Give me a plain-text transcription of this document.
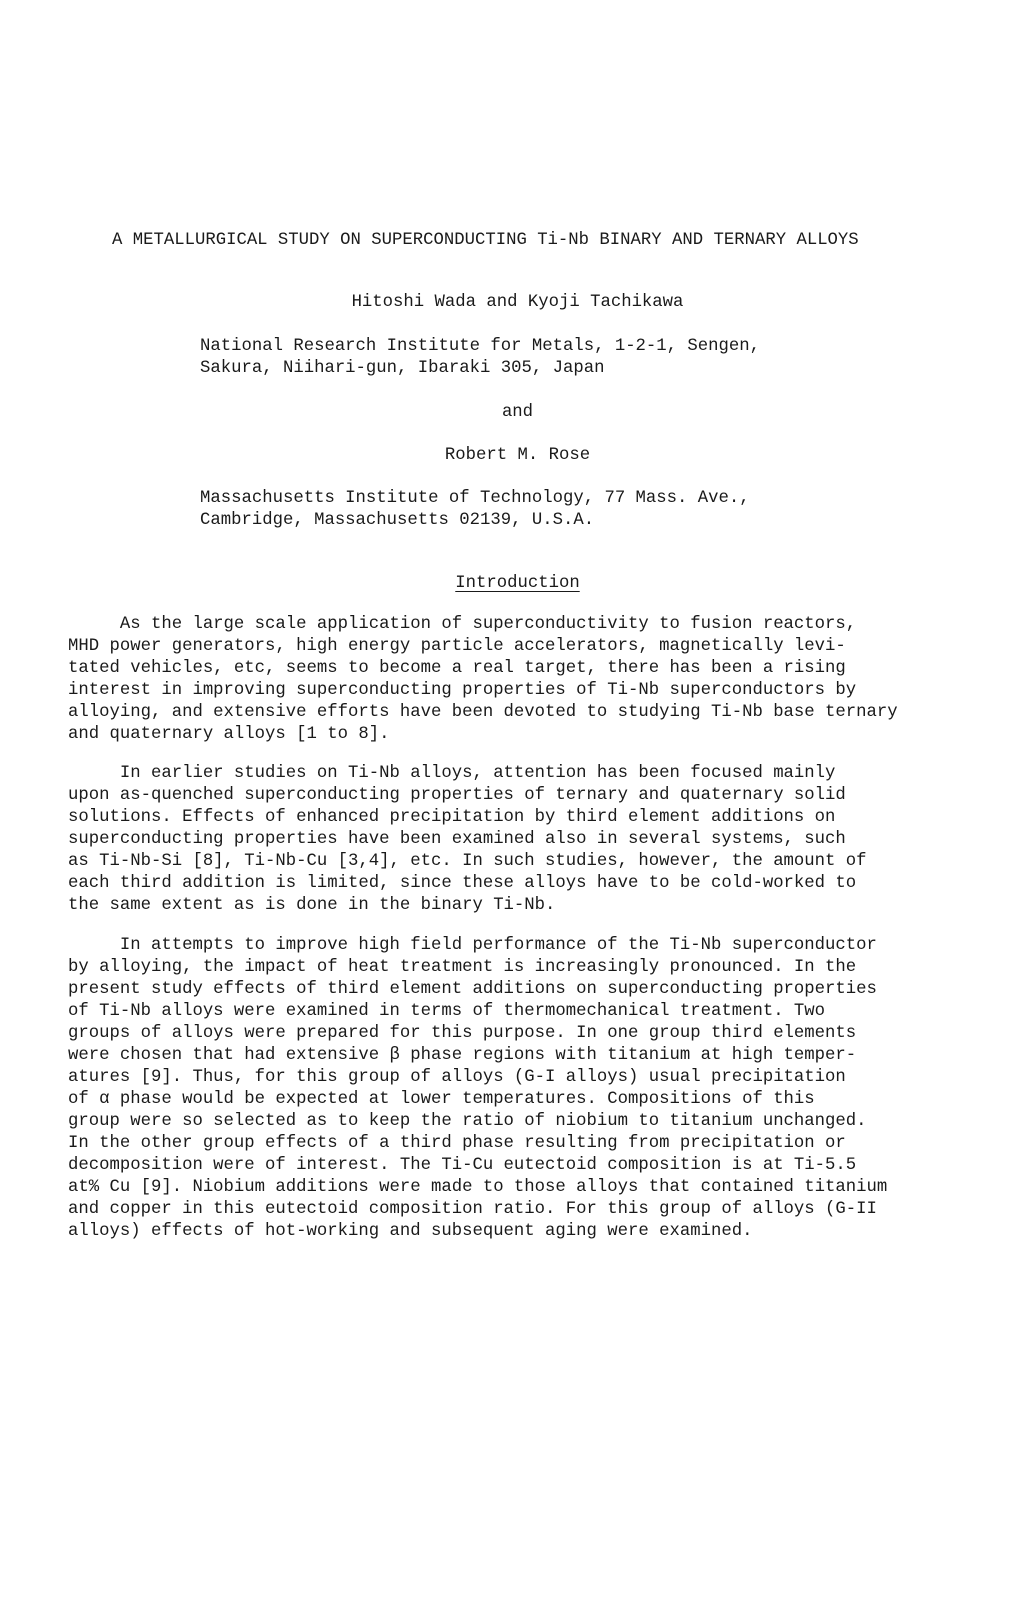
A METALLURGICAL STUDY ON SUPERCONDUCTING Ti-Nb BINARY AND TERNARY ALLOYS
Hitoshi Wada and Kyoji Tachikawa
National Research Institute for Metals, 1-2-1, Sengen,
Sakura, Niihari-gun, Ibaraki 305, Japan
and
Robert M. Rose
Massachusetts Institute of Technology, 77 Mass. Ave.,
Cambridge, Massachusetts 02139, U.S.A.
Introduction
As the large scale application of superconductivity to fusion reactors,
MHD power generators, high energy particle accelerators, magnetically levi-
tated vehicles, etc, seems to become a real target, there has been a rising
interest in improving superconducting properties of Ti-Nb superconductors by
alloying, and extensive efforts have been devoted to studying Ti-Nb base ternary
and quaternary alloys [1 to 8].
In earlier studies on Ti-Nb alloys, attention has been focused mainly
upon as-quenched superconducting properties of ternary and quaternary solid
solutions. Effects of enhanced precipitation by third element additions on
superconducting properties have been examined also in several systems, such
as Ti-Nb-Si [8], Ti-Nb-Cu [3,4], etc. In such studies, however, the amount of
each third addition is limited, since these alloys have to be cold-worked to
the same extent as is done in the binary Ti-Nb.
In attempts to improve high field performance of the Ti-Nb superconductor
by alloying, the impact of heat treatment is increasingly pronounced. In the
present study effects of third element additions on superconducting properties
of Ti-Nb alloys were examined in terms of thermomechanical treatment. Two
groups of alloys were prepared for this purpose. In one group third elements
were chosen that had extensive β phase regions with titanium at high temper-
atures [9]. Thus, for this group of alloys (G-I alloys) usual precipitation
of α phase would be expected at lower temperatures. Compositions of this
group were so selected as to keep the ratio of niobium to titanium unchanged.
In the other group effects of a third phase resulting from precipitation or
decomposition were of interest. The Ti-Cu eutectoid composition is at Ti-5.5
at% Cu [9]. Niobium additions were made to those alloys that contained titanium
and copper in this eutectoid composition ratio. For this group of alloys (G-II
alloys) effects of hot-working and subsequent aging were examined.
